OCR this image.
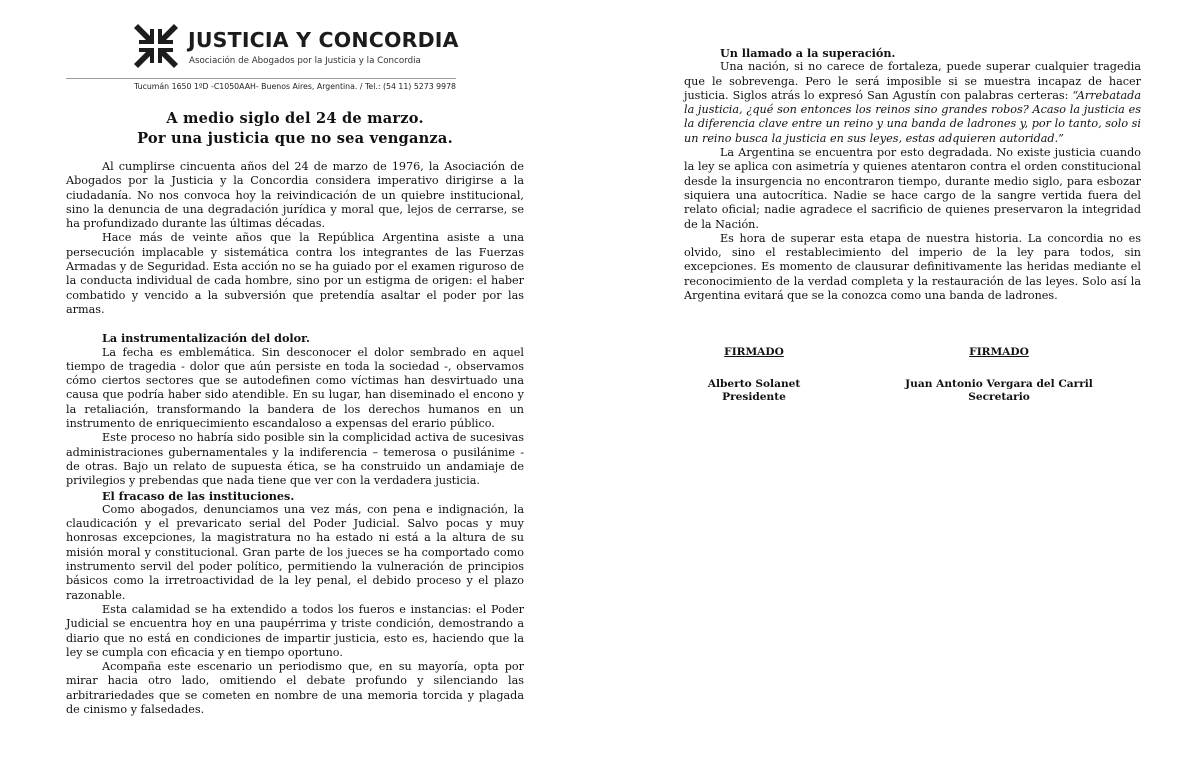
JUSTICIA Y CONCORDIA
Asociación de Abogados por la Justicia y la Concordia
Tucumán 1650 1ºD -C1050AAH- Buenos Aires, Argentina. / Tel.: (54 11) 5273 9978
A medio siglo del 24 de marzo.
Por una justicia que no sea venganza.

Al cumplirse cincuenta años del 24 de marzo de 1976, la Asociación de Abogados por la Justicia y la Concordia considera imperativo dirigirse a la ciudadanía. No nos convoca hoy la reivindicación de un quiebre institucional, sino la denuncia de una degradación jurídica y moral que, lejos de cerrarse, se ha profundizado durante las últimas décadas.

Hace más de veinte años que la República Argentina asiste a una persecución implacable y sistemática contra los integrantes de las Fuerzas Armadas y de Seguridad. Esta acción no se ha guiado por el examen riguroso de la conducta individual de cada hombre, sino por un estigma de origen: el haber combatido y vencido a la subversión que pretendía asaltar el poder por las armas.

La instrumentalización del dolor.

La fecha es emblemática. Sin desconocer el dolor sembrado en aquel tiempo de tragedia - dolor que aún persiste en toda la sociedad -, observamos cómo ciertos sectores que se autodefinen como víctimas han desvirtuado una causa que podría haber sido atendible. En su lugar, han diseminado el encono y la retaliación, transformando la bandera de los derechos humanos en un instrumento de enriquecimiento escandaloso a expensas del erario público.

Este proceso no habría sido posible sin la complicidad activa de sucesivas administraciones gubernamentales y la indiferencia – temerosa o pusilánime - de otras. Bajo un relato de supuesta ética, se ha construido un andamiaje de privilegios y prebendas que nada tiene que ver con la verdadera justicia.

El fracaso de las instituciones.

Como abogados, denunciamos una vez más, con pena e indignación, la claudicación y el prevaricato serial del Poder Judicial. Salvo pocas y muy honrosas excepciones, la magistratura no ha estado ni está a la altura de su misión moral y constitucional. Gran parte de los jueces se ha comportado como instrumento servil del poder político, permitiendo la vulneración de principios básicos como la irretroactividad de la ley penal, el debido proceso y el plazo razonable.

Esta calamidad se ha extendido a todos los fueros e instancias: el Poder Judicial se encuentra hoy en una paupérrima y triste condición, demostrando a diario que no está en condiciones de impartir justicia, esto es, haciendo que la ley se cumpla con eficacia y en tiempo oportuno.

Acompaña este escenario un periodismo que, en su mayoría, opta por mirar hacia otro lado, omitiendo el debate profundo y silenciando las arbitrariedades que se cometen en nombre de una memoria torcida y plagada de cinismo y falsedades.

Un llamado a la superación.

Una nación, si no carece de fortaleza, puede superar cualquier tragedia que le sobrevenga. Pero le será imposible si se muestra incapaz de hacer justicia. Siglos atrás lo expresó San Agustín con palabras certeras: “Arrebatada la justicia, ¿qué son entonces los reinos sino grandes robos? Acaso la justicia es la diferencia clave entre un reino y una banda de ladrones y, por lo tanto, solo si un reino busca la justicia en sus leyes, estas adquieren autoridad.”

La Argentina se encuentra por esto degradada. No existe justicia cuando la ley se aplica con asimetría y quienes atentaron contra el orden constitucional desde la insurgencia no encontraron tiempo, durante medio siglo, para esbozar siquiera una autocrítica. Nadie se hace cargo de la sangre vertida fuera del relato oficial; nadie agradece el sacrificio de quienes preservaron la integridad de la Nación.

Es hora de superar esta etapa de nuestra historia. La concordia no es olvido, sino el restablecimiento del imperio de la ley para todos, sin excepciones. Es momento de clausurar definitivamente las heridas mediante el reconocimiento de la verdad completa y la restauración de las leyes. Solo así la Argentina evitará que se la conozca como una banda de ladrones.

FIRMADO
Alberto Solanet
Presidente
FIRMADO
Juan Antonio Vergara del Carril
Secretario
